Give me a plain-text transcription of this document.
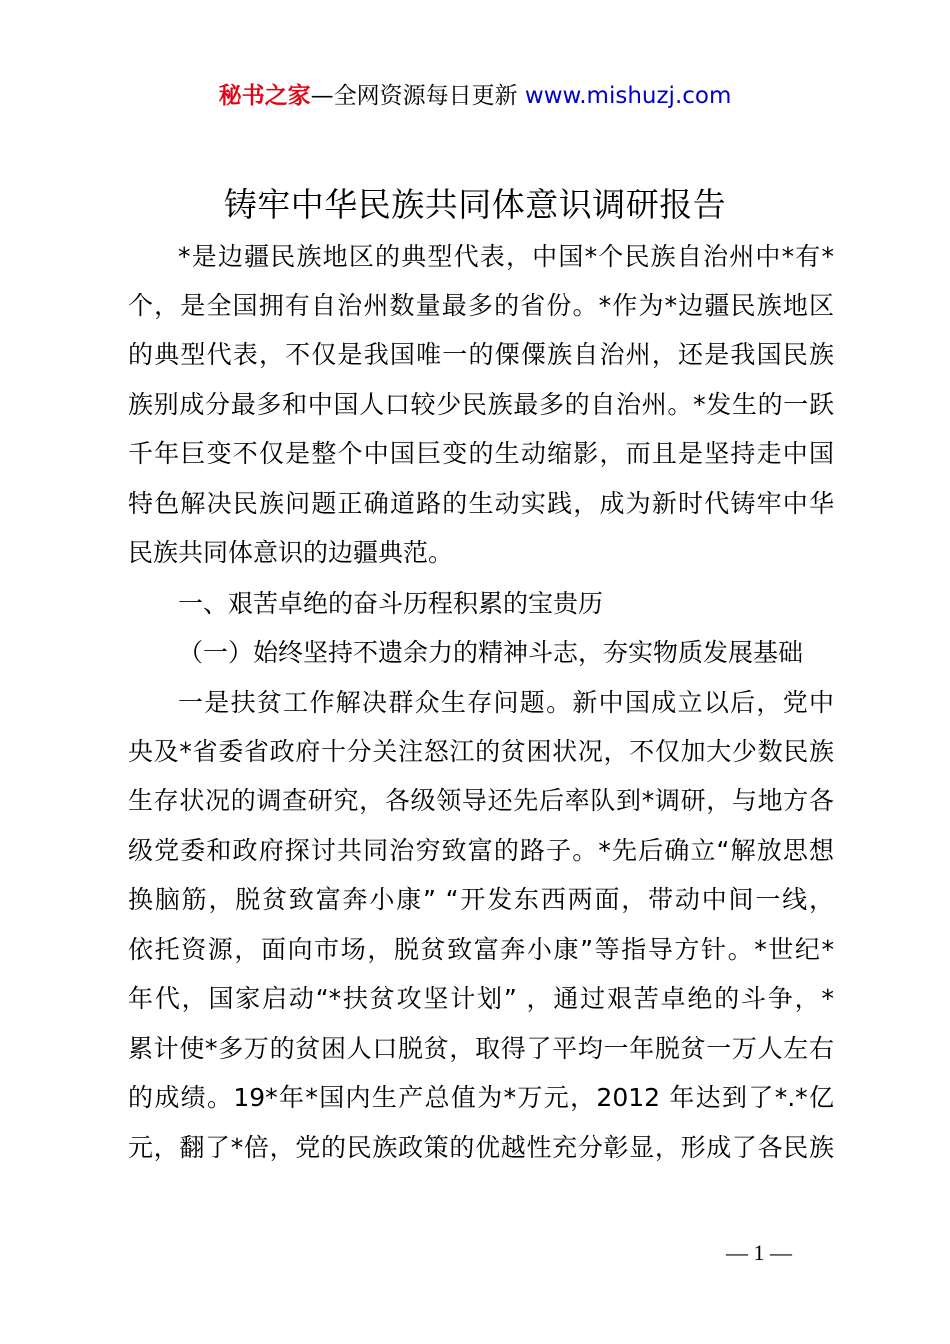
秘书之家—全网资源每日更新 www.mishuzj.com
铸牢中华民族共同体意识调研报告
*是边疆民族地区的典型代表，中国*个民族自治州中*有*
个，是全国拥有自治州数量最多的省份。*作为*边疆民族地区
的典型代表，不仅是我国唯一的傈僳族自治州，还是我国民族
族别成分最多和中国人口较少民族最多的自治州。*发生的一跃
千年巨变不仅是整个中国巨变的生动缩影，而且是坚持走中国
特色解决民族问题正确道路的生动实践，成为新时代铸牢中华
民族共同体意识的边疆典范。
一、艰苦卓绝的奋斗历程积累的宝贵历
（一）始终坚持不遗余力的精神斗志，夯实物质发展基础
一是扶贫工作解决群众生存问题。新中国成立以后，党中
央及*省委省政府十分关注怒江的贫困状况，不仅加大少数民族
生存状况的调查研究，各级领导还先后率队到*调研，与地方各
级党委和政府探讨共同治穷致富的路子。*先后确立“解放思想
换脑筋，脱贫致富奔小康” “开发东西两面，带动中间一线，
依托资源，面向市场，脱贫致富奔小康”等指导方针。*世纪*
年代，国家启动“*扶贫攻坚计划” ，通过艰苦卓绝的斗争，*
累计使*多万的贫困人口脱贫，取得了平均一年脱贫一万人左右
的成绩。19*年*国内生产总值为*万元，2012 年达到了*.*亿
元，翻了*倍，党的民族政策的优越性充分彰显，形成了各民族
— 1 —
